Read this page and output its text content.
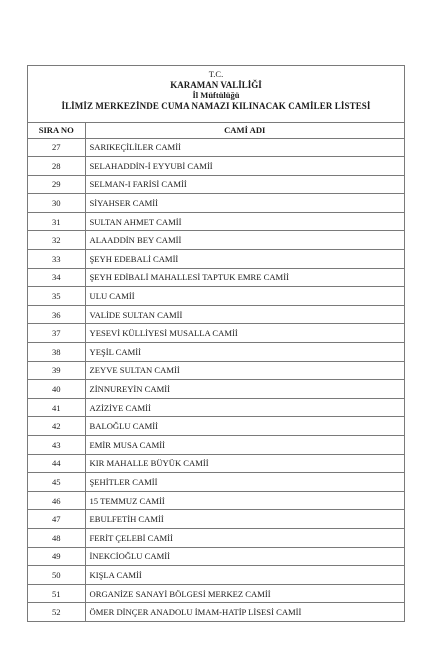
T.C.
KARAMAN VALİLİĞİ
İl Müftülüğü
İLİMİZ MERKEZİNDE CUMA NAMAZI KILINACAK CAMİLER LİSTESİ
SIRA NO	CAMİ ADI
27	SARIKEÇİLİLER CAMİİ
28	SELAHADDİN-İ EYYUBİ CAMİİ
29	SELMAN-I FARİSİ CAMİİ
30	SİYAHSER CAMİİ
31	SULTAN AHMET CAMİİ
32	ALAADDİN BEY CAMİİ
33	ŞEYH EDEBALİ CAMİİ
34	ŞEYH EDİBALİ MAHALLESİ TAPTUK EMRE CAMİİ
35	ULU CAMİİ
36	VALİDE SULTAN CAMİİ
37	YESEVİ KÜLLİYESİ MUSALLA CAMİİ
38	YEŞİL CAMİİ
39	ZEYVE SULTAN CAMİİ
40	ZİNNUREYİN CAMİİ
41	AZİZİYE CAMİİ
42	BALOĞLU CAMİİ
43	EMİR MUSA CAMİİ
44	KIR MAHALLE BÜYÜK CAMİİ
45	ŞEHİTLER CAMİİ
46	15 TEMMUZ CAMİİ
47	EBULFETİH CAMİİ
48	FERİT ÇELEBİ CAMİİ
49	İNEKCİOĞLU CAMİİ
50	KIŞLA CAMİİ
51	ORGANİZE SANAYİ BÖLGESİ MERKEZ CAMİİ
52	ÖMER DİNÇER ANADOLU İMAM-HATİP LİSESİ CAMİİ
